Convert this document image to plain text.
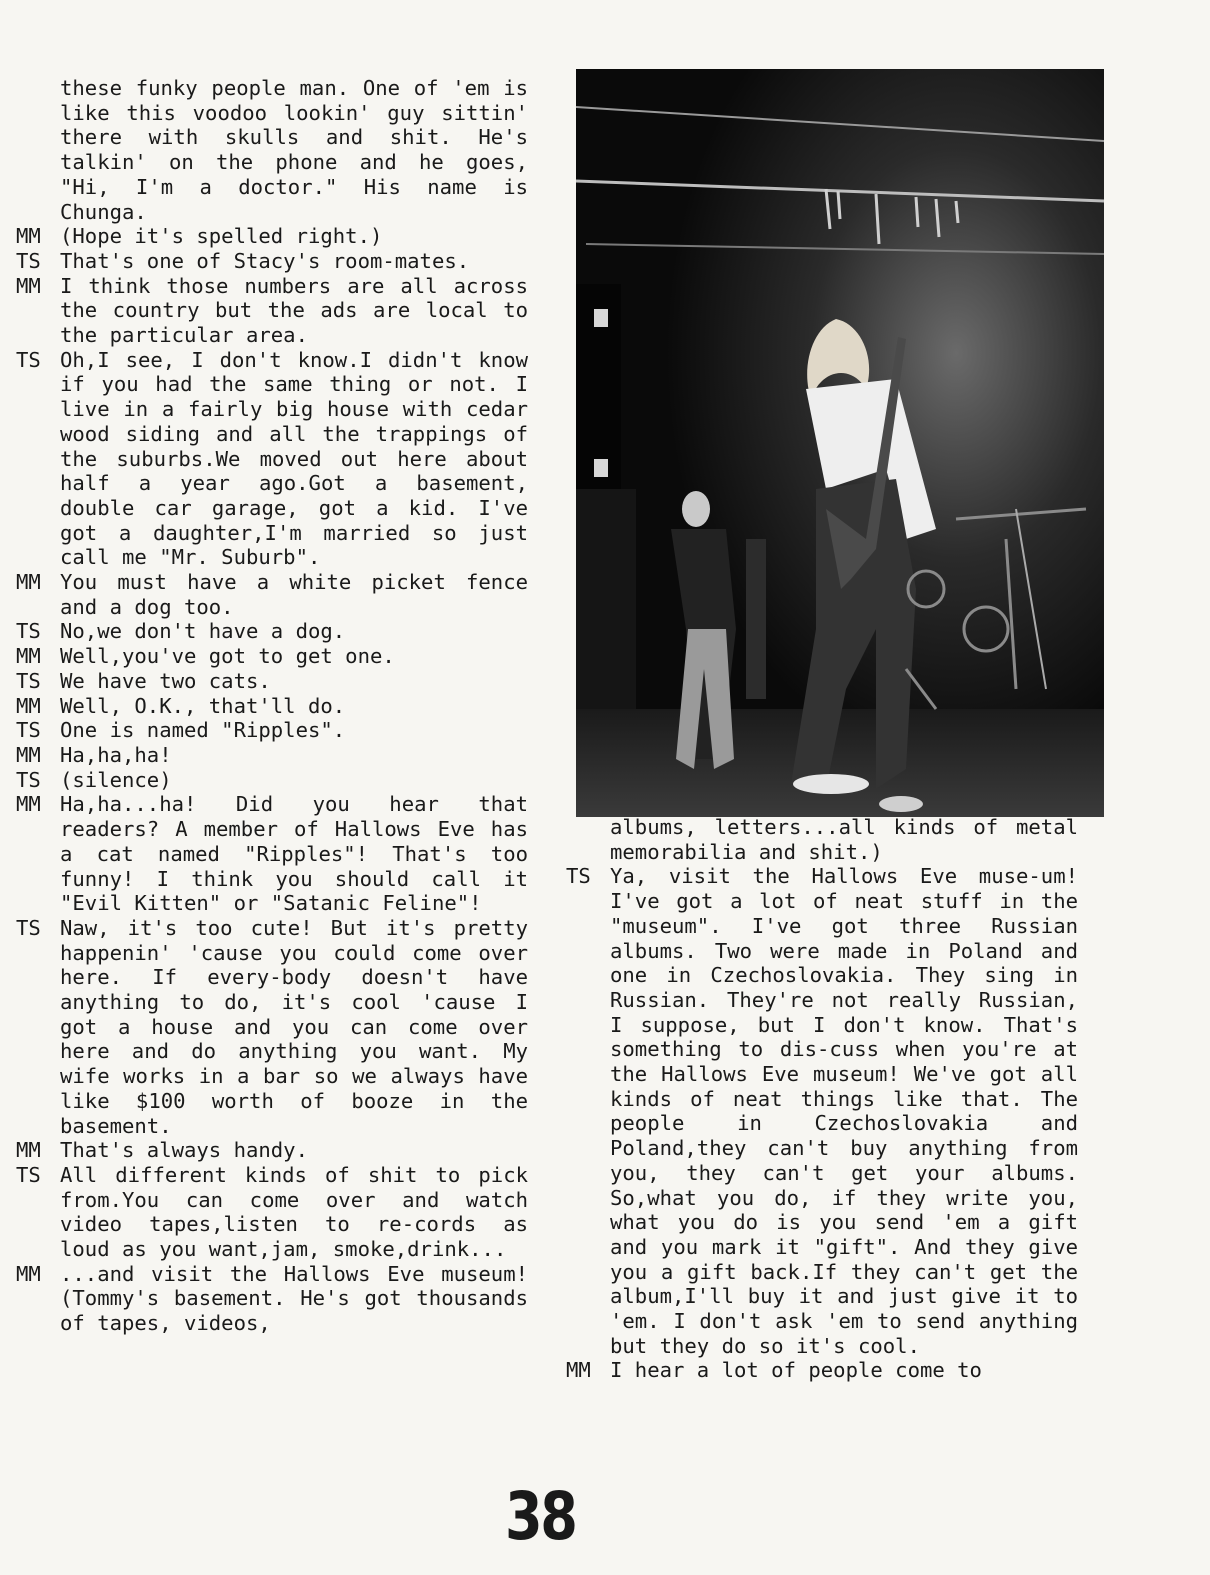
these funky people man. One of 'em is like this voodoo lookin' guy sittin' there with skulls and shit. He's talkin' on the phone and he goes, "Hi, I'm a doctor." His name is Chunga.
MM (Hope it's spelled right.)
TS That's one of Stacy's room-mates.
MM I think those numbers are all across the country but the ads are local to the particular area.
TS Oh,I see, I don't know.I didn't know if you had the same thing or not. I live in a fairly big house with cedar wood siding and all the trappings of the suburbs.We moved out here about half a year ago.Got a basement, double car garage, got a kid. I've got a daughter,I'm married so just call me "Mr. Suburb".
MM You must have a white picket fence and a dog too.
TS No,we don't have a dog.
MM Well,you've got to get one.
TS We have two cats.
MM Well, O.K., that'll do.
TS One is named "Ripples".
MM Ha,ha,ha!
TS (silence)
MM Ha,ha...ha! Did you hear that readers? A member of Hallows Eve has a cat named "Ripples"! That's too funny! I think you should call it "Evil Kitten" or "Satanic Feline"!
TS Naw, it's too cute! But it's pretty happenin' 'cause you could come over here. If every-body doesn't have anything to do, it's cool 'cause I got a house and you can come over here and do anything you want. My wife works in a bar so we always have like $100 worth of booze in the basement.
MM That's always handy.
TS All different kinds of shit to pick from.You can come over and watch video tapes,listen to re-cords as loud as you want,jam, smoke,drink...
MM ...and visit the Hallows Eve museum! (Tommy's basement. He's got thousands of tapes, videos,
albums, letters...all kinds of metal memorabilia and shit.)
TS Ya, visit the Hallows Eve muse-um! I've got a lot of neat stuff in the "museum". I've got three Russian albums. Two were made in Poland and one in Czechoslovakia. They sing in Russian. They're not really Russian, I suppose, but I don't know. That's something to dis-cuss when you're at the Hallows Eve museum! We've got all kinds of neat things like that. The people in Czechoslovakia and Poland,they can't buy anything from you, they can't get your albums. So,what you do, if they write you, what you do is you send 'em a gift and you mark it "gift". And they give you a gift back.If they can't get the album,I'll buy it and just give it to 'em. I don't ask 'em to send anything but they do so it's cool.
MM I hear a lot of people come to
38
